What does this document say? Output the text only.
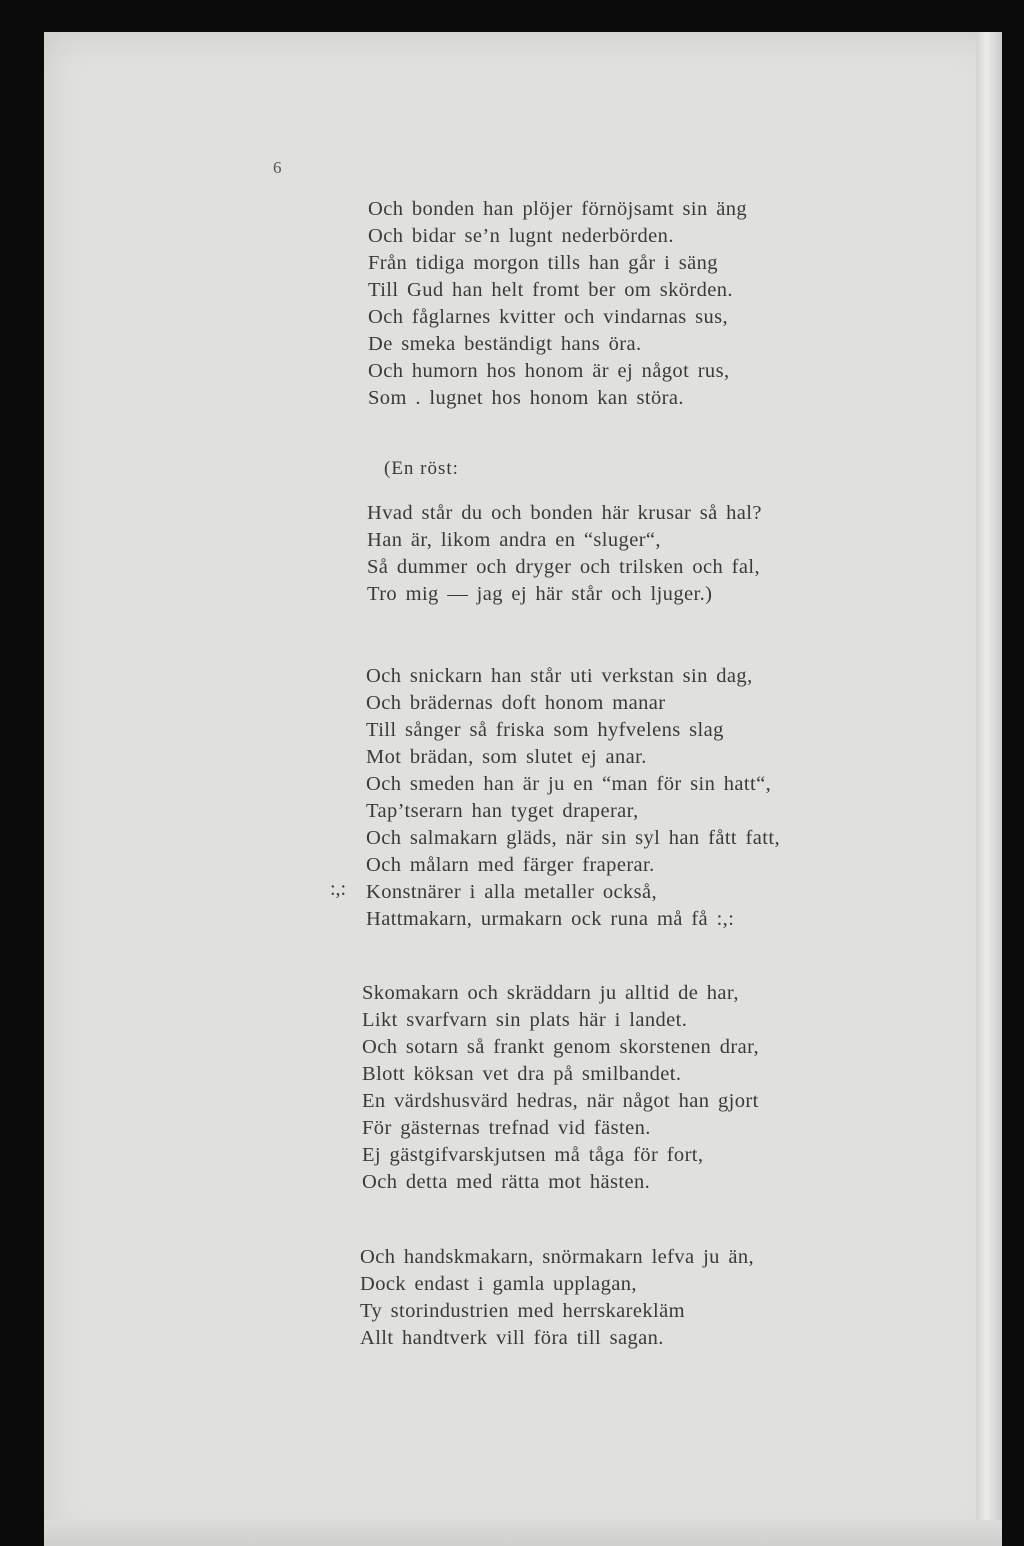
6
Och bonden han plöjer förnöjsamt sin äng
Och bidar se’n lugnt nederbörden.
Från tidiga morgon tills han går i säng
Till Gud han helt fromt ber om skörden.
Och fåglarnes kvitter och vindarnas sus,
De smeka beständigt hans öra.
Och humorn hos honom är ej något rus,
Som . lugnet hos honom kan störa.
(En röst:
Hvad står du och bonden här krusar så hal?
Han är, likom andra en “sluger“,
Så dummer och dryger och trilsken och fal,
Tro mig — jag ej här står och ljuger.)
Och snickarn han står uti verkstan sin dag,
Och brädernas doft honom manar
Till sånger så friska som hyfvelens slag
Mot brädan, som slutet ej anar.
Och smeden han är ju en “man för sin hatt“,
Tap’tserarn han tyget draperar,
Och salmakarn gläds, när sin syl han fått fatt,
Och målarn med färger fraperar.
Konstnärer i alla metaller också,
Hattmakarn, urmakarn ock runa må få :,:
:,:
Skomakarn och skräddarn ju alltid de har,
Likt svarfvarn sin plats här i landet.
Och sotarn så frankt genom skorstenen drar,
Blott köksan vet dra på smilbandet.
En värdshusvärd hedras, när något han gjort
För gästernas trefnad vid fästen.
Ej gästgifvarskjutsen må tåga för fort,
Och detta med rätta mot hästen.
Och handskmakarn, snörmakarn lefva ju än,
Dock endast i gamla upplagan,
Ty storindustrien med herrskarekläm
Allt handtverk vill föra till sagan.
